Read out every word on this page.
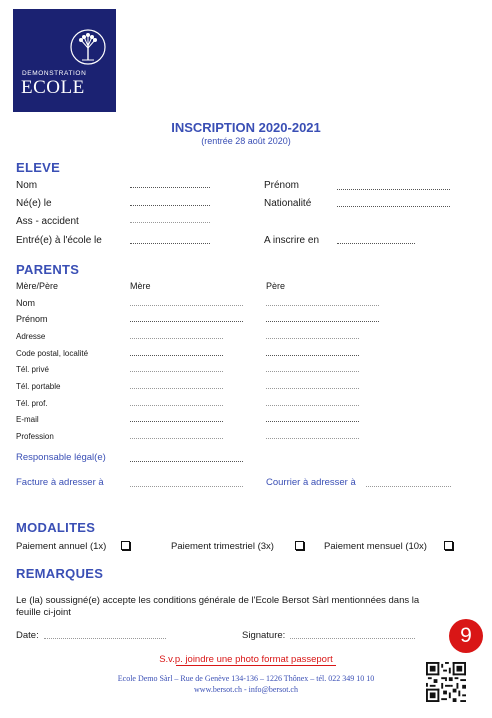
DEMONSTRATION
ECOLE
INSCRIPTION 2020-2021
(rentrée 28 août 2020)
ELEVE
Nom	Prénom
Né(e) le	Nationalité
Ass - accident
Entré(e) à l'école le	A inscrire en
PARENTS
Mère/Père	Mère	Père
Nom
Prénom
Adresse
Code postal, localité
Tél. privé
Tél. portable
Tél. prof.
E-mail
Profession
Responsable légal(e)
Facture à adresser à	Courrier à adresser à
MODALITES
Paiement annuel (1x)	Paiement trimestriel (3x)	Paiement mensuel (10x)
REMARQUES
Le (la) soussigné(e) accepte les conditions générale de l'Ecole Bersot Sàrl mentionnées dans la
feuille ci-joint
Date:	Signature:	9
S.v.p. joindre une photo format passeport
Ecole Demo Sàrl – Rue de Genève 134-136 – 1226 Thônex – tél. 022 349 10 10
www.bersot.ch - info@bersot.ch
